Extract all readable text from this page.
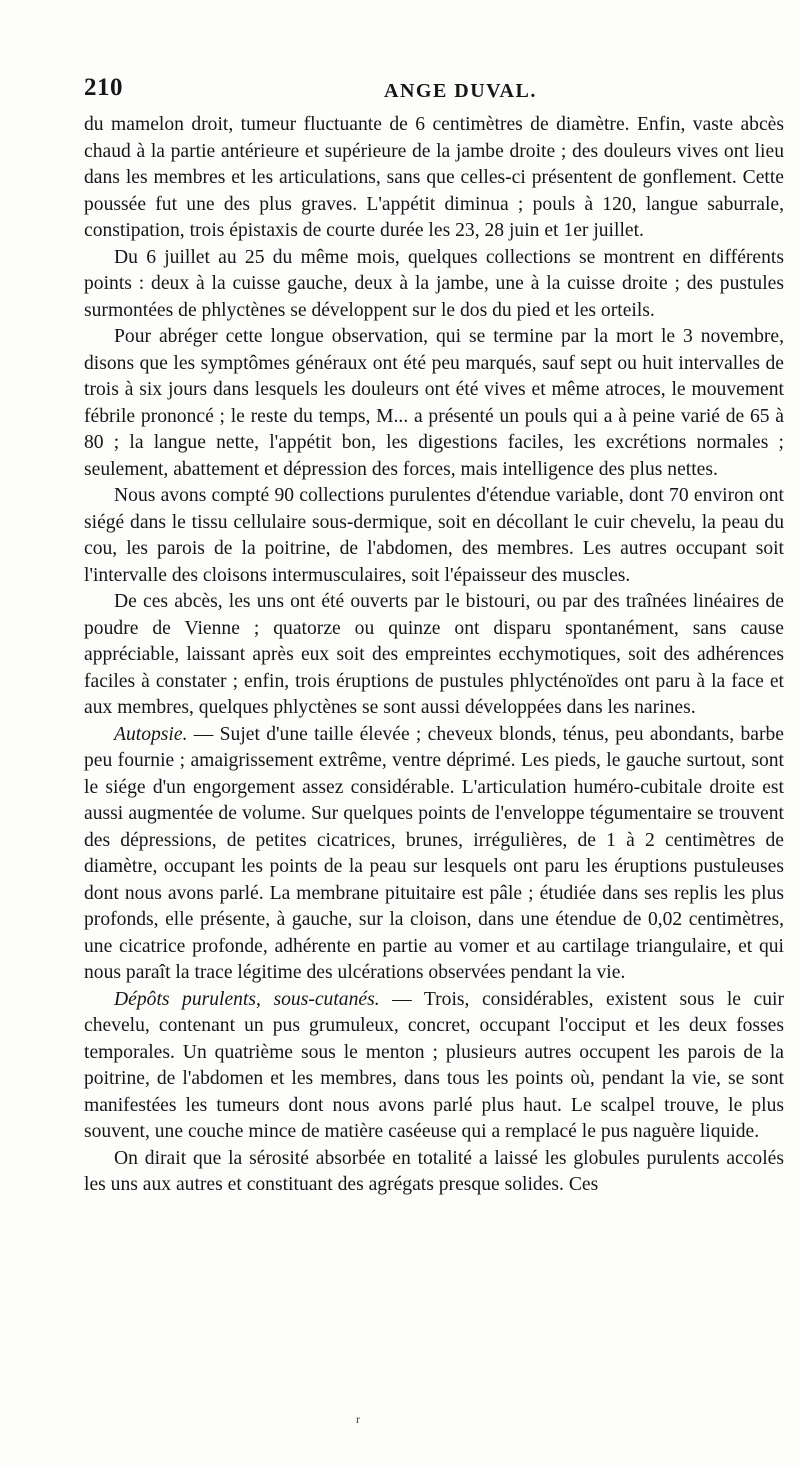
210	ANGE DUVAL.

du mamelon droit, tumeur fluctuante de 6 centimètres de diamètre. Enfin, vaste abcès chaud à la partie antérieure et supérieure de la jambe droite ; des douleurs vives ont lieu dans les membres et les articulations, sans que celles-ci présentent de gonflement. Cette poussée fut une des plus graves. L'appétit diminua ; pouls à 120, langue saburrale, constipation, trois épistaxis de courte durée les 23, 28 juin et 1er juillet.

Du 6 juillet au 25 du même mois, quelques collections se montrent en différents points : deux à la cuisse gauche, deux à la jambe, une à la cuisse droite ; des pustules surmontées de phlyctènes se développent sur le dos du pied et les orteils.

Pour abréger cette longue observation, qui se termine par la mort le 3 novembre, disons que les symptômes généraux ont été peu marqués, sauf sept ou huit intervalles de trois à six jours dans lesquels les douleurs ont été vives et même atroces, le mouvement fébrile prononcé ; le reste du temps, M... a présenté un pouls qui a à peine varié de 65 à 80 ; la langue nette, l'appétit bon, les digestions faciles, les excrétions normales ; seulement, abattement et dépression des forces, mais intelligence des plus nettes.

Nous avons compté 90 collections purulentes d'étendue variable, dont 70 environ ont siégé dans le tissu cellulaire sous-dermique, soit en décollant le cuir chevelu, la peau du cou, les parois de la poitrine, de l'abdomen, des membres. Les autres occupant soit l'intervalle des cloisons intermusculaires, soit l'épaisseur des muscles.

De ces abcès, les uns ont été ouverts par le bistouri, ou par des traînées linéaires de poudre de Vienne ; quatorze ou quinze ont disparu spontanément, sans cause appréciable, laissant après eux soit des empreintes ecchymotiques, soit des adhérences faciles à constater ; enfin, trois éruptions de pustules phlycténoïdes ont paru à la face et aux membres, quelques phlyctènes se sont aussi développées dans les narines.

Autopsie. — Sujet d'une taille élevée ; cheveux blonds, ténus, peu abondants, barbe peu fournie ; amaigrissement extrême, ventre déprimé. Les pieds, le gauche surtout, sont le siége d'un engorgement assez considérable. L'articulation huméro-cubitale droite est aussi augmentée de volume. Sur quelques points de l'enveloppe tégumentaire se trouvent des dépressions, de petites cicatrices, brunes, irrégulières, de 1 à 2 centimètres de diamètre, occupant les points de la peau sur lesquels ont paru les éruptions pustuleuses dont nous avons parlé. La membrane pituitaire est pâle ; étudiée dans ses replis les plus profonds, elle présente, à gauche, sur la cloison, dans une étendue de 0,02 centimètres, une cicatrice profonde, adhérente en partie au vomer et au cartilage triangulaire, et qui nous paraît la trace légitime des ulcérations observées pendant la vie.

Dépôts purulents, sous-cutanés. — Trois, considérables, existent sous le cuir chevelu, contenant un pus grumuleux, concret, occupant l'occiput et les deux fosses temporales. Un quatrième sous le menton ; plusieurs autres occupent les parois de la poitrine, de l'abdomen et les membres, dans tous les points où, pendant la vie, se sont manifestées les tumeurs dont nous avons parlé plus haut. Le scalpel trouve, le plus souvent, une couche mince de matière caséeuse qui a remplacé le pus naguère liquide.

On dirait que la sérosité absorbée en totalité a laissé les globules purulents accolés les uns aux autres et constituant des agrégats presque solides. Ces

r
